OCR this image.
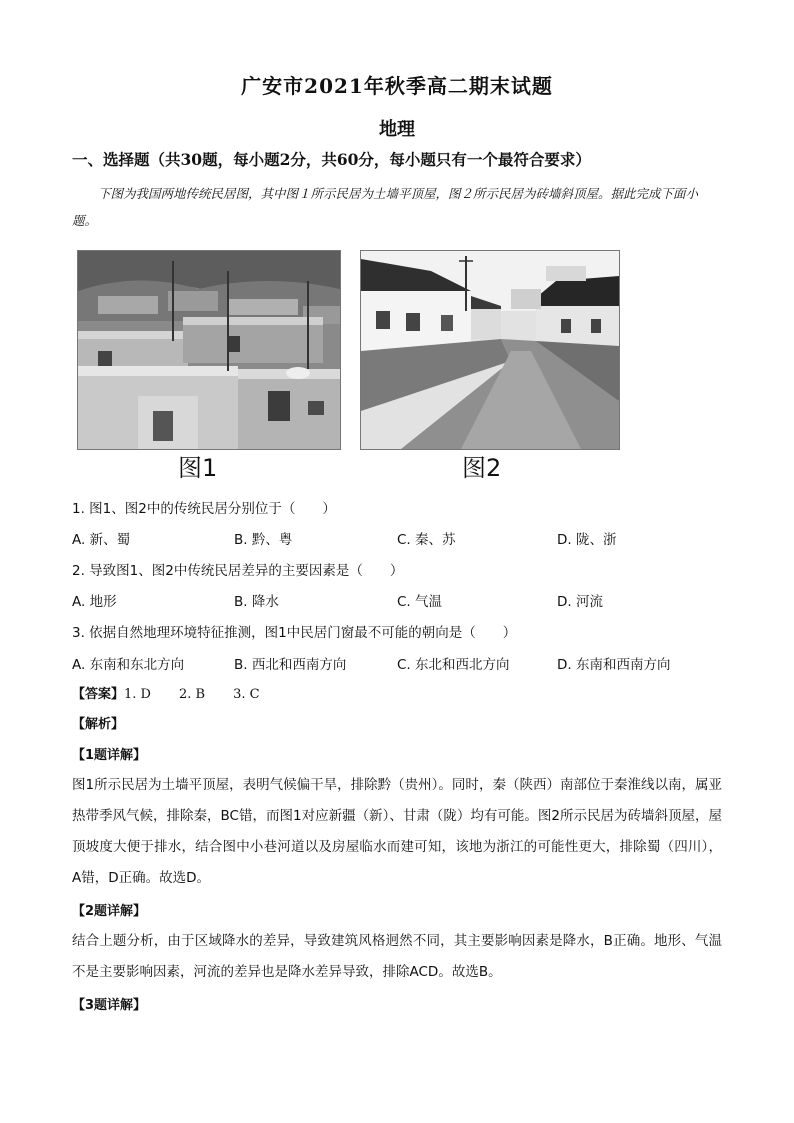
广安市2021年秋季高二期末试题
地理
一、选择题（共30题，每小题2分，共60分，每小题只有一个最符合要求）
下图为我国两地传统民居图，其中图１所示民居为土墙平顶屋，图２所示民居为砖墙斜顶屋。据此完成下面小题。
图1	图2
1. 图1、图2中的传统民居分别位于（　　）
A. 新、蜀	B. 黔、粤	C. 秦、苏	D. 陇、浙
2. 导致图1、图2中传统民居差异的主要因素是（　　）
A. 地形	B. 降水	C. 气温	D. 河流
3. 依据自然地理环境特征推测，图1中民居门窗最不可能的朝向是（　　）
A. 东南和东北方向	B. 西北和西南方向	C. 东北和西北方向	D. 东南和西南方向
【答案】1. D 2. B 3. C
【解析】
【1题详解】
图1所示民居为土墙平顶屋，表明气候偏干旱，排除黔（贵州）。同时，秦（陕西）南部位于秦淮线以南，属亚热带季风气候，排除秦，BC错，而图1对应新疆（新）、甘肃（陇）均有可能。图2所示民居为砖墙斜顶屋，屋顶坡度大便于排水，结合图中小巷河道以及房屋临水而建可知，该地为浙江的可能性更大，排除蜀（四川），A错，D正确。故选D。
【2题详解】
结合上题分析，由于区域降水的差异，导致建筑风格迥然不同，其主要影响因素是降水，B正确。地形、气温不是主要影响因素，河流的差异也是降水差异导致，排除ACD。故选B。
【3题详解】
